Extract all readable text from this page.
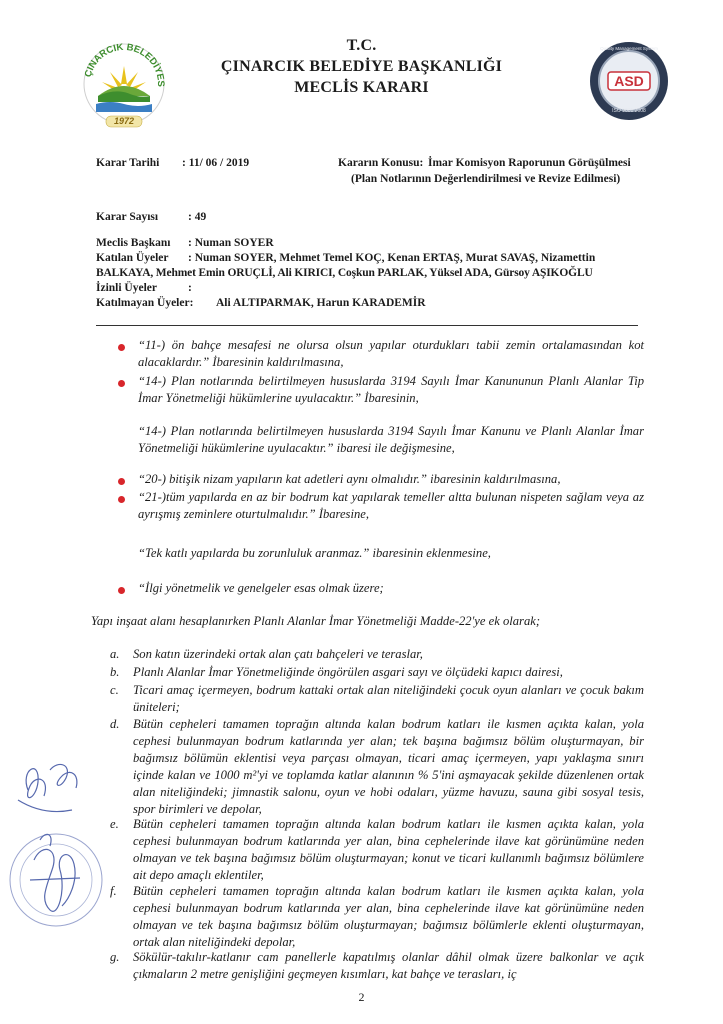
ÇINARCIK BELEDİYES
1972
ASD
Quality Management System
ISO 9001:2008
T.C.
ÇINARCIK BELEDİYE BAŞKANLIĞI
MECLİS KARARI
Karar Tarihi : 11/ 06 / 2019	Kararın Konusu: İmar Komisyon Raporunun Görüşülmesi
(Plan Notlarının Değerlendirilmesi ve Revize Edilmesi)
Karar Sayısı	: 49
Meclis Başkanı : Numan SOYER
Katılan Üyeler : Numan SOYER, Mehmet Temel KOÇ, Kenan ERTAŞ, Murat SAVAŞ, Nizamettin
BALKAYA, Mehmet Emin ORUÇLİ, Ali KIRICI, Coşkun PARLAK, Yüksel ADA, Gürsoy AŞIKOĞLU
İzinli Üyeler	:
Katılmayan Üyeler: Ali ALTIPARMAK, Harun KARADEMİR
“11-) ön bahçe mesafesi ne olursa olsun yapılar oturdukları tabii zemin ortalamasından kot alacaklardır.” İbaresinin kaldırılmasına,
“14-) Plan notlarında belirtilmeyen hususlarda 3194 Sayılı İmar Kanununun Planlı Alanlar Tip İmar Yönetmeliği hükümlerine uyulacaktır.” İbaresinin,
“14-) Plan notlarında belirtilmeyen hususlarda 3194 Sayılı İmar Kanunu ve Planlı Alanlar İmar Yönetmeliği hükümlerine uyulacaktır.” ibaresi ile değişmesine,
“20-) bitişik nizam yapıların kat adetleri aynı olmalıdır.” ibaresinin kaldırılmasına,
“21-)tüm yapılarda en az bir bodrum kat yapılarak temeller altta bulunan nispeten sağlam veya az ayrışmış zeminlere oturtulmalıdır.” İbaresine,
“Tek katlı yapılarda bu zorunluluk aranmaz.” ibaresinin eklenmesine,
“İlgi yönetmelik ve genelgeler esas olmak üzere;
Yapı inşaat alanı hesaplanırken Planlı Alanlar İmar Yönetmeliği Madde-22'ye ek olarak;
a. Son katın üzerindeki ortak alan çatı bahçeleri ve teraslar,
b. Planlı Alanlar İmar Yönetmeliğinde öngörülen asgari sayı ve ölçüdeki kapıcı dairesi,
c. Ticari amaç içermeyen, bodrum kattaki ortak alan niteliğindeki çocuk oyun alanları ve çocuk bakım üniteleri;
d. Bütün cepheleri tamamen toprağın altında kalan bodrum katları ile kısmen açıkta kalan, yola cephesi bulunmayan bodrum katlarında yer alan; tek başına bağımsız bölüm oluşturmayan, bir bağımsız bölümün eklentisi veya parçası olmayan, ticari amaç içermeyen, yapı yaklaşma sınırı içinde kalan ve 1000 m²'yi ve toplamda katlar alanının % 5'ini aşmayacak şekilde düzenlenen ortak alan niteliğindeki; jimnastik salonu, oyun ve hobi odaları, yüzme havuzu, sauna gibi sosyal tesis, spor birimleri ve depolar,
e. Bütün cepheleri tamamen toprağın altında kalan bodrum katları ile kısmen açıkta kalan, yola cephesi bulunmayan bodrum katlarında yer alan, bina cephelerinde ilave kat görünümüne neden olmayan ve tek başına bağımsız bölüm oluşturmayan; konut ve ticari kullanımlı bağımsız bölümlere ait depo amaçlı eklentiler,
f. Bütün cepheleri tamamen toprağın altında kalan bodrum katları ile kısmen açıkta kalan, yola cephesi bulunmayan bodrum katlarında yer alan, bina cephelerinde ilave kat görünümüne neden olmayan ve tek başına bağımsız bölüm oluşturmayan; bağımsız bölümlerle eklenti oluşturmayan, ortak alan niteliğindeki depolar,
g. Sökülür-takılır-katlanır cam panellerle kapatılmış olanlar dâhil olmak üzere balkonlar ve açık çıkmaların 2 metre genişliğini geçmeyen kısımları, kat bahçe ve terasları, iç
2
